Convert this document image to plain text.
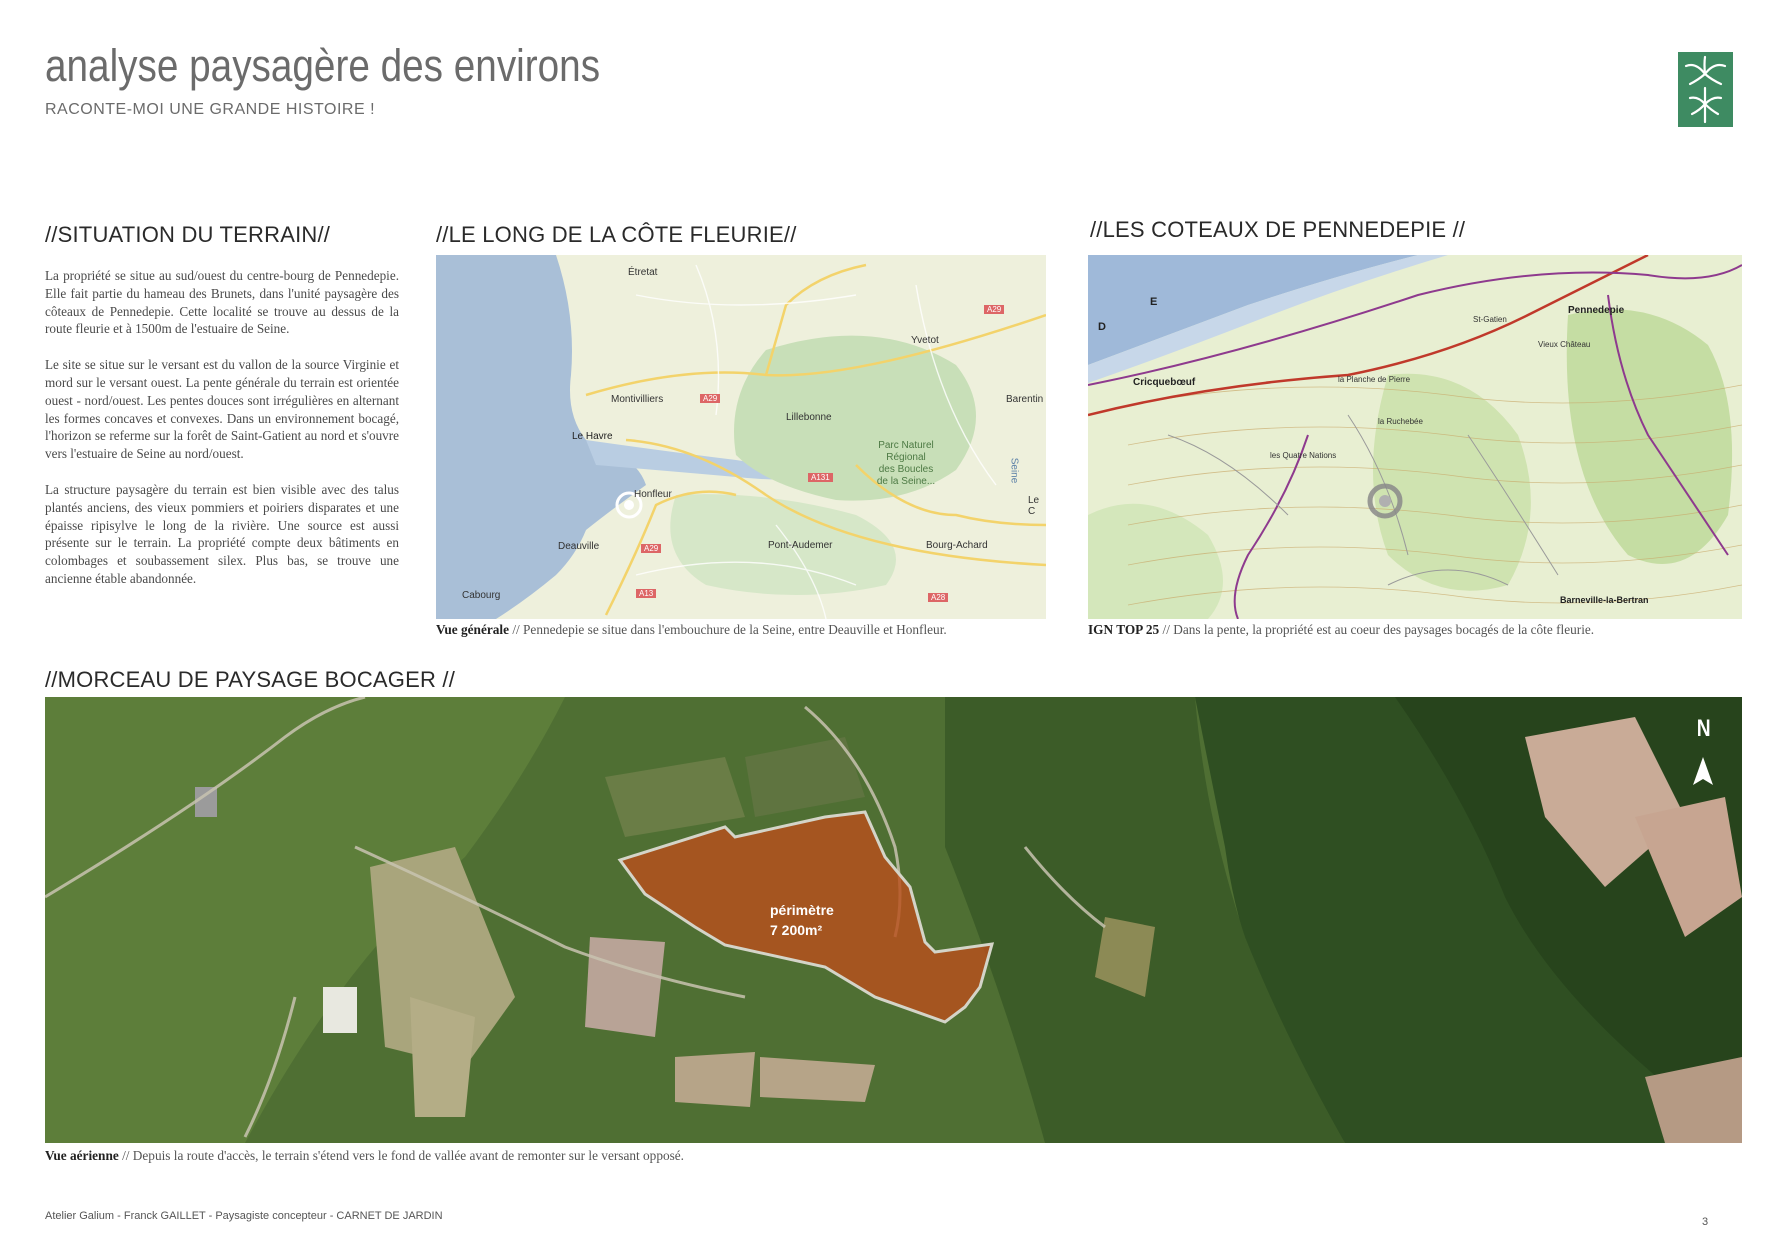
analyse paysagère des environs
RACONTE-MOI UNE GRANDE HISTOIRE !
//SITUATION DU TERRAIN//

La propriété se situe au sud/ouest du centre-bourg de Pennedepie. Elle fait partie du hameau des Brunets, dans l'unité paysagère des côteaux de Pennedepie. Cette localité se trouve au dessus de la route fleurie et à 1500m de l'estuaire de Seine.

Le site se situe sur le versant est du vallon de la source Virginie et mord sur le versant ouest. La pente générale du terrain est orientée ouest - nord/ouest. Les pentes douces sont irrégulières en alternant les formes concaves et convexes. Dans un environnement bocagé, l'horizon se referme sur la forêt de Saint-Gatient au nord et s'ouvre vers l'estuaire de Seine au nord/ouest.

La structure paysagère du terrain est bien visible avec des talus plantés anciens, des vieux pommiers et poiriers disparates et une épaisse ripisylve le long de la rivière. Une source est aussi présente sur le terrain. La propriété compte deux bâtiments en colombages et soubassement silex. Plus bas, se trouve une ancienne étable abandonnée.

//LE LONG DE LA CÔTE FLEURIE//
Étretat
Yvetot
Montivilliers
Lillebonne
Barentin
Le Havre
Parc Naturel
Régional
des Boucles
de la Seine...
Honfleur
Deauville	Pont-Audemer	Bourg-Achard
Cabourg
Seine
Le C
A29
A29
A131
A29
A13	A28
Vue générale // Pennedepie se situe dans l'embouchure de la Seine, entre Deauville et Honfleur.
//LES COTEAUX DE PENNEDEPIE //
Pennedepie
Cricquebœuf
D
E
Barneville-la-Bertran
la Ruchebée
les Quatre Nations
St-Gatien
Vieux Château
la Planche de Pierre
IGN TOP 25 // Dans la pente, la propriété est au coeur des paysages bocagés de la côte fleurie.
//MORCEAU DE PAYSAGE BOCAGER //
périmètre
7 200m²
N
Vue aérienne // Depuis la route d'accès, le terrain s'étend vers le fond de vallée avant de remonter sur le versant opposé.
Atelier Galium - Franck GAILLET - Paysagiste concepteur - CARNET DE JARDIN	3
